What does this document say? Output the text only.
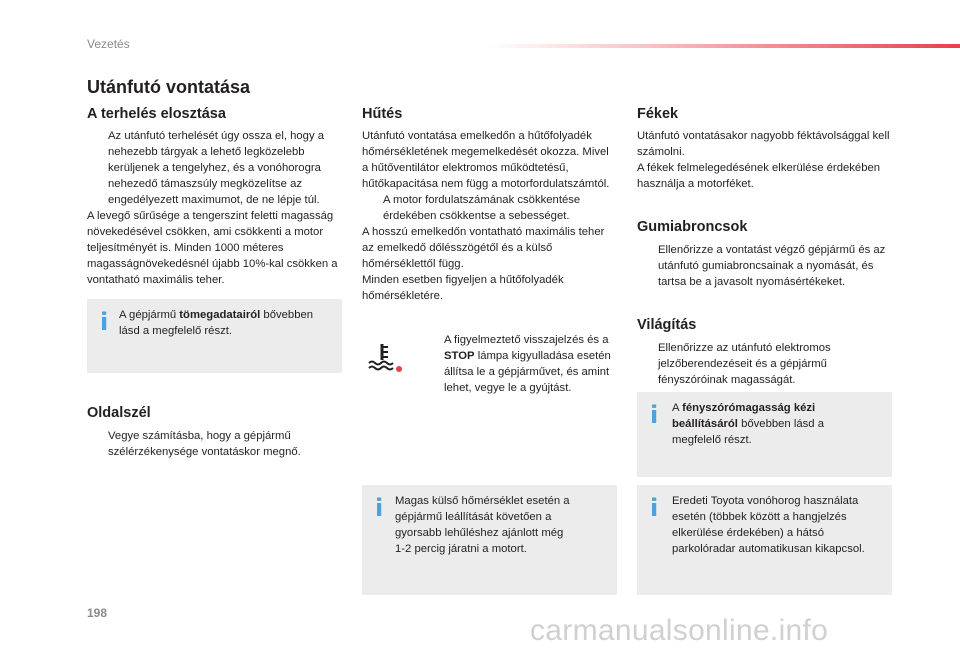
Vezetés
Utánfutó vontatása
A terhelés elosztása
Az utánfutó terhelését úgy ossza el, hogy a nehezebb tárgyak a lehető legközelebb kerüljenek a tengelyhez, és a vonóhorogra nehezedő támaszsúly megközelítse az engedélyezett maximumot, de ne lépje túl.

A levegő sűrűsége a tengerszint feletti magasság növekedésével csökken, ami csökkenti a motor teljesítményét is. Minden 1000 méteres magasságnövekedésnél újabb 10%-kal csökken a vontatható maximális teher.

i A gépjármű tömegadatairól bővebben lásd a megfelelő részt.
Oldalszél
Vegye számításba, hogy a gépjármű szélérzékenysége vontatáskor megnő.
Hűtés

Utánfutó vontatása emelkedőn a hűtőfolyadék hőmérsékletének megemelkedését okozza. Mivel a hűtőventilátor elektromos működtetésű, hűtőkapacitása nem függ a motorfordulatszámtól.

A motor fordulatszámának csökkentése érdekében csökkentse a sebességet.

A hosszú emelkedőn vontatható maximális teher az emelkedő dőlésszögétől és a külső hőmérséklettől függ.

Minden esetben figyeljen a hűtőfolyadék hőmérsékletére.

A figyelmeztető visszajelzés és a STOP lámpa kigyulladása esetén állítsa le a gépjárművet, és amint lehet, vegye le a gyújtást.
i Magas külső hőmérséklet esetén a gépjármű leállítását követően a gyorsabb lehűléshez ajánlott még 1-2 percig járatni a motort.
Fékek

Utánfutó vontatásakor nagyobb féktávolsággal kell számolni.

A fékek felmelegedésének elkerülése érdekében használja a motorféket.

Gumiabroncsok
Ellenőrizze a vontatást végző gépjármű és az utánfutó gumiabroncsainak a nyomását, és tartsa be a javasolt nyomásértékeket.
Világítás
Ellenőrizze az utánfutó elektromos jelzőberendezéseit és a gépjármű fényszóróinak magasságát.
i A fényszórómagasság kézi beállításáról bővebben lásd a megfelelő részt.
i Eredeti Toyota vonóhorog használata esetén (többek között a hangjelzés elkerülése érdekében) a hátsó parkolóradar automatikusan kikapcsol.
198
carmanualsonline.info
